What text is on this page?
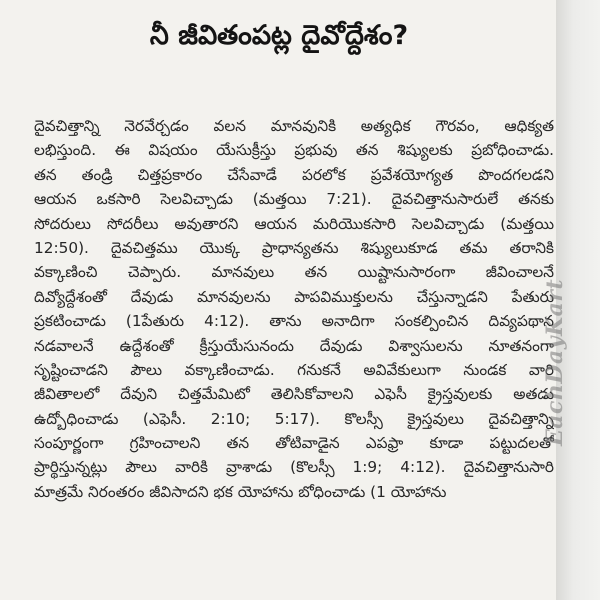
నీ జీవితంపట్ల దైవోద్దేశం?
దైవచిత్తాన్ని నెరవేర్చడం వలన మానవునికి అత్యధిక గౌరవం, ఆధిక్యత
లభిస్తుంది. ఈ విషయం యేసుక్రీస్తు ప్రభువు తన శిష్యులకు ప్రబోధించాడు.
తన తండ్రి చిత్తప్రకారం చేసేవాడే పరలోక ప్రవేశయోగ్యత పొందగలడని
ఆయన ఒకసారి సెలవిచ్చాడు (మత్తయి 7:21). దైవచిత్తానుసారులే తనకు
సోదరులు సోదరీలు అవుతారని ఆయన మరియొకసారి సెలవిచ్చాడు (మత్తయి
12:50). దైవచిత్తము యొక్క ప్రాధాన్యతను శిష్యులుకూడ తమ తరానికి
వక్కాణించి చెప్పారు. మానవులు తన యిష్టానుసారంగా జీవించాలనే
దివ్యోద్దేశంతో దేవుడు మానవులను పాపవిముక్తులను చేస్తున్నాడని పేతురు
ప్రకటించాడు (1పేతురు 4:12). తాను అనాదిగా సంకల్పించిన దివ్యపథాన
నడవాలనే ఉద్దేశంతో క్రీస్తుయేసునందు దేవుడు విశ్వాసులను నూతనంగా
సృష్టించాడని పౌలు వక్కాణించాడు. గనుకనే అవివేకులుగా నుండక వారి
జీవితాలలో దేవుని చిత్తమేమిటో తెలిసికోవాలని ఎఫెసీ క్రైస్తవులకు అతడు
ఉద్బోధించాడు (ఎఫెసీ. 2:10; 5:17). కొలస్సీ క్రైస్తవులు దైవచిత్తాన్ని
సంపూర్ణంగా గ్రహించాలని తన తోటివాడైన ఎపఫ్రా కూడా పట్టుదలతో
ప్రార్థిస్తున్నట్లు పౌలు వారికి వ్రాశాడు (కొలస్సీ 1:9; 4:12). దైవచిత్తానుసారి
మాత్రమే నిరంతరం జీవిసాదని భక యోహాను బోధించాడు (1 యోహాను
EachDayKart
